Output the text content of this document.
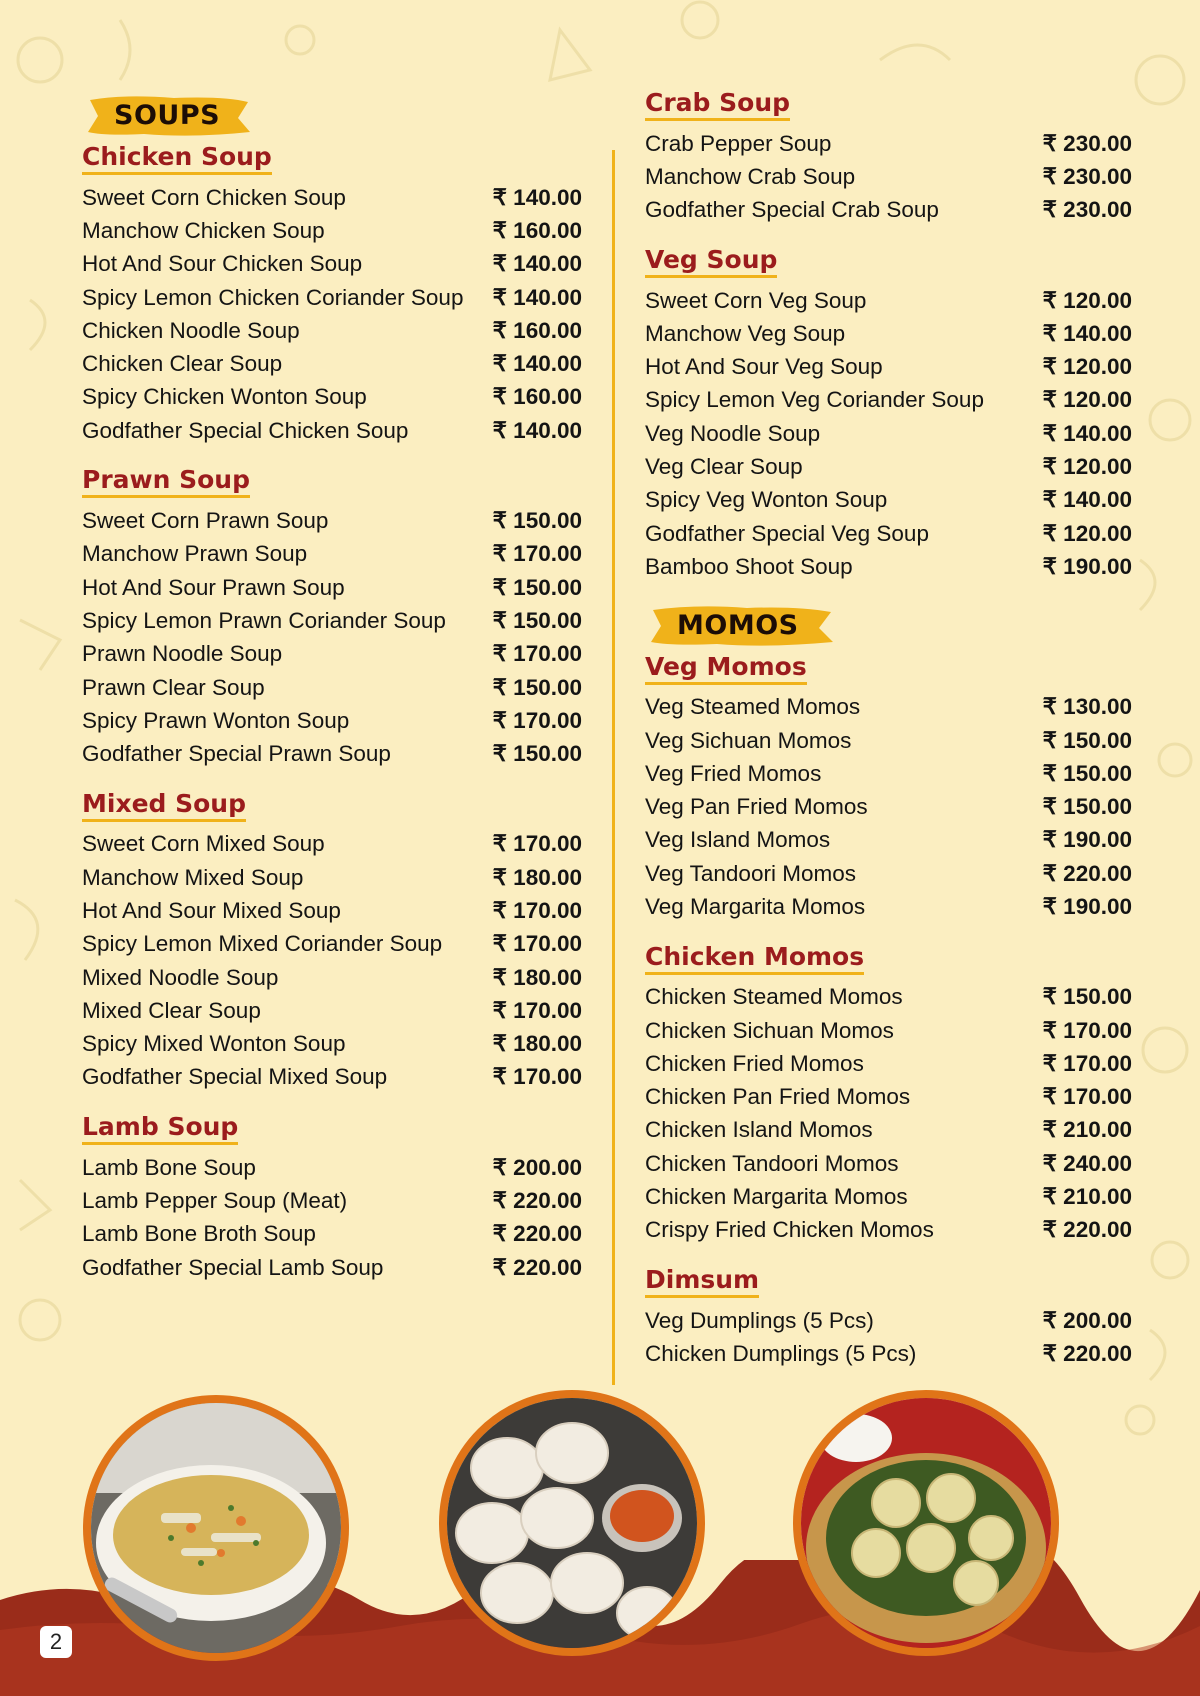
SOUPS
Chicken Soup
Sweet Corn Chicken Soup	₹ 140.00
Manchow Chicken Soup	₹ 160.00
Hot And Sour Chicken Soup	₹ 140.00
Spicy Lemon Chicken Coriander Soup ₹ 140.00
Chicken Noodle Soup	₹ 160.00
Chicken Clear Soup	₹ 140.00
Spicy Chicken Wonton Soup	₹ 160.00
Godfather Special Chicken Soup	₹ 140.00
Prawn Soup
Sweet Corn Prawn Soup	₹ 150.00
Manchow Prawn Soup	₹ 170.00
Hot And Sour Prawn Soup	₹ 150.00
Spicy Lemon Prawn Coriander Soup ₹ 150.00
Prawn Noodle Soup	₹ 170.00
Prawn Clear Soup	₹ 150.00
Spicy Prawn Wonton Soup	₹ 170.00
Godfather Special Prawn Soup	₹ 150.00
Mixed Soup
Sweet Corn Mixed Soup	₹ 170.00
Manchow Mixed Soup	₹ 180.00
Hot And Sour Mixed Soup	₹ 170.00
Spicy Lemon Mixed Coriander Soup ₹ 170.00
Mixed Noodle Soup	₹ 180.00
Mixed Clear Soup	₹ 170.00
Spicy Mixed Wonton Soup	₹ 180.00
Godfather Special Mixed Soup	₹ 170.00
Lamb Soup
Lamb Bone Soup	₹ 200.00
Lamb Pepper Soup (Meat)	₹ 220.00
Lamb Bone Broth Soup	₹ 220.00
Godfather Special Lamb Soup	₹ 220.00
Crab Soup
Crab Pepper Soup	₹ 230.00
Manchow Crab Soup	₹ 230.00
Godfather Special Crab Soup	₹ 230.00
Veg Soup
Sweet Corn Veg Soup	₹ 120.00
Manchow Veg Soup	₹ 140.00
Hot And Sour Veg Soup	₹ 120.00
Spicy Lemon Veg Coriander Soup	₹ 120.00
Veg Noodle Soup	₹ 140.00
Veg Clear Soup	₹ 120.00
Spicy Veg Wonton Soup	₹ 140.00
Godfather Special Veg Soup	₹ 120.00
Bamboo Shoot Soup	₹ 190.00
MOMOS
Veg Momos
Veg Steamed Momos	₹ 130.00
Veg Sichuan Momos	₹ 150.00
Veg Fried Momos	₹ 150.00
Veg Pan Fried Momos	₹ 150.00
Veg Island Momos	₹ 190.00
Veg Tandoori Momos	₹ 220.00
Veg Margarita Momos	₹ 190.00
Chicken Momos
Chicken Steamed Momos	₹ 150.00
Chicken Sichuan Momos	₹ 170.00
Chicken Fried Momos	₹ 170.00
Chicken Pan Fried Momos	₹ 170.00
Chicken Island Momos	₹ 210.00
Chicken Tandoori Momos	₹ 240.00
Chicken Margarita Momos	₹ 210.00
Crispy Fried Chicken Momos	₹ 220.00
Dimsum
Veg Dumplings (5 Pcs)	₹ 200.00
Chicken Dumplings (5 Pcs)	₹ 220.00
2
